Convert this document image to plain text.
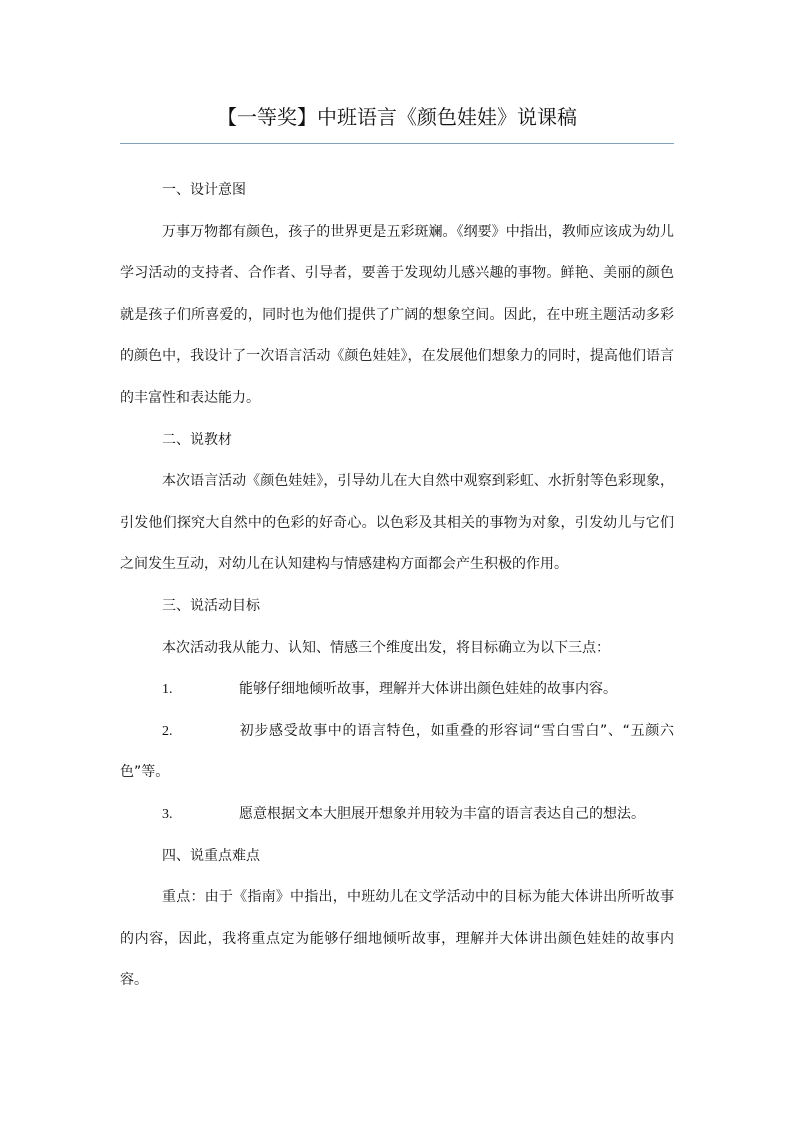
【一等奖】中班语言《颜色娃娃》说课稿

一、设计意图

万事万物都有颜色，孩子的世界更是五彩斑斓。《纲要》中指出，教师应该成为幼儿学习活动的支持者、合作者、引导者，要善于发现幼儿感兴趣的事物。鲜艳、美丽的颜色就是孩子们所喜爱的，同时也为他们提供了广阔的想象空间。因此，在中班主题活动多彩的颜色中，我设计了一次语言活动《颜色娃娃》，在发展他们想象力的同时，提高他们语言的丰富性和表达能力。

二、说教材

本次语言活动《颜色娃娃》，引导幼儿在大自然中观察到彩虹、水折射等色彩现象，引发他们探究大自然中的色彩的好奇心。以色彩及其相关的事物为对象，引发幼儿与它们之间发生互动，对幼儿在认知建构与情感建构方面都会产生积极的作用。

三、说活动目标

本次活动我从能力、认知、情感三个维度出发，将目标确立为以下三点：

1.	能够仔细地倾听故事，理解并大体讲出颜色娃娃的故事内容。

2.	初步感受故事中的语言特色，如重叠的形容词“雪白雪白”、“五颜六色”等。

3.	愿意根据文本大胆展开想象并用较为丰富的语言表达自己的想法。

四、说重点难点

重点：由于《指南》中指出，中班幼儿在文学活动中的目标为能大体讲出所听故事的内容，因此，我将重点定为能够仔细地倾听故事，理解并大体讲出颜色娃娃的故事内容。
